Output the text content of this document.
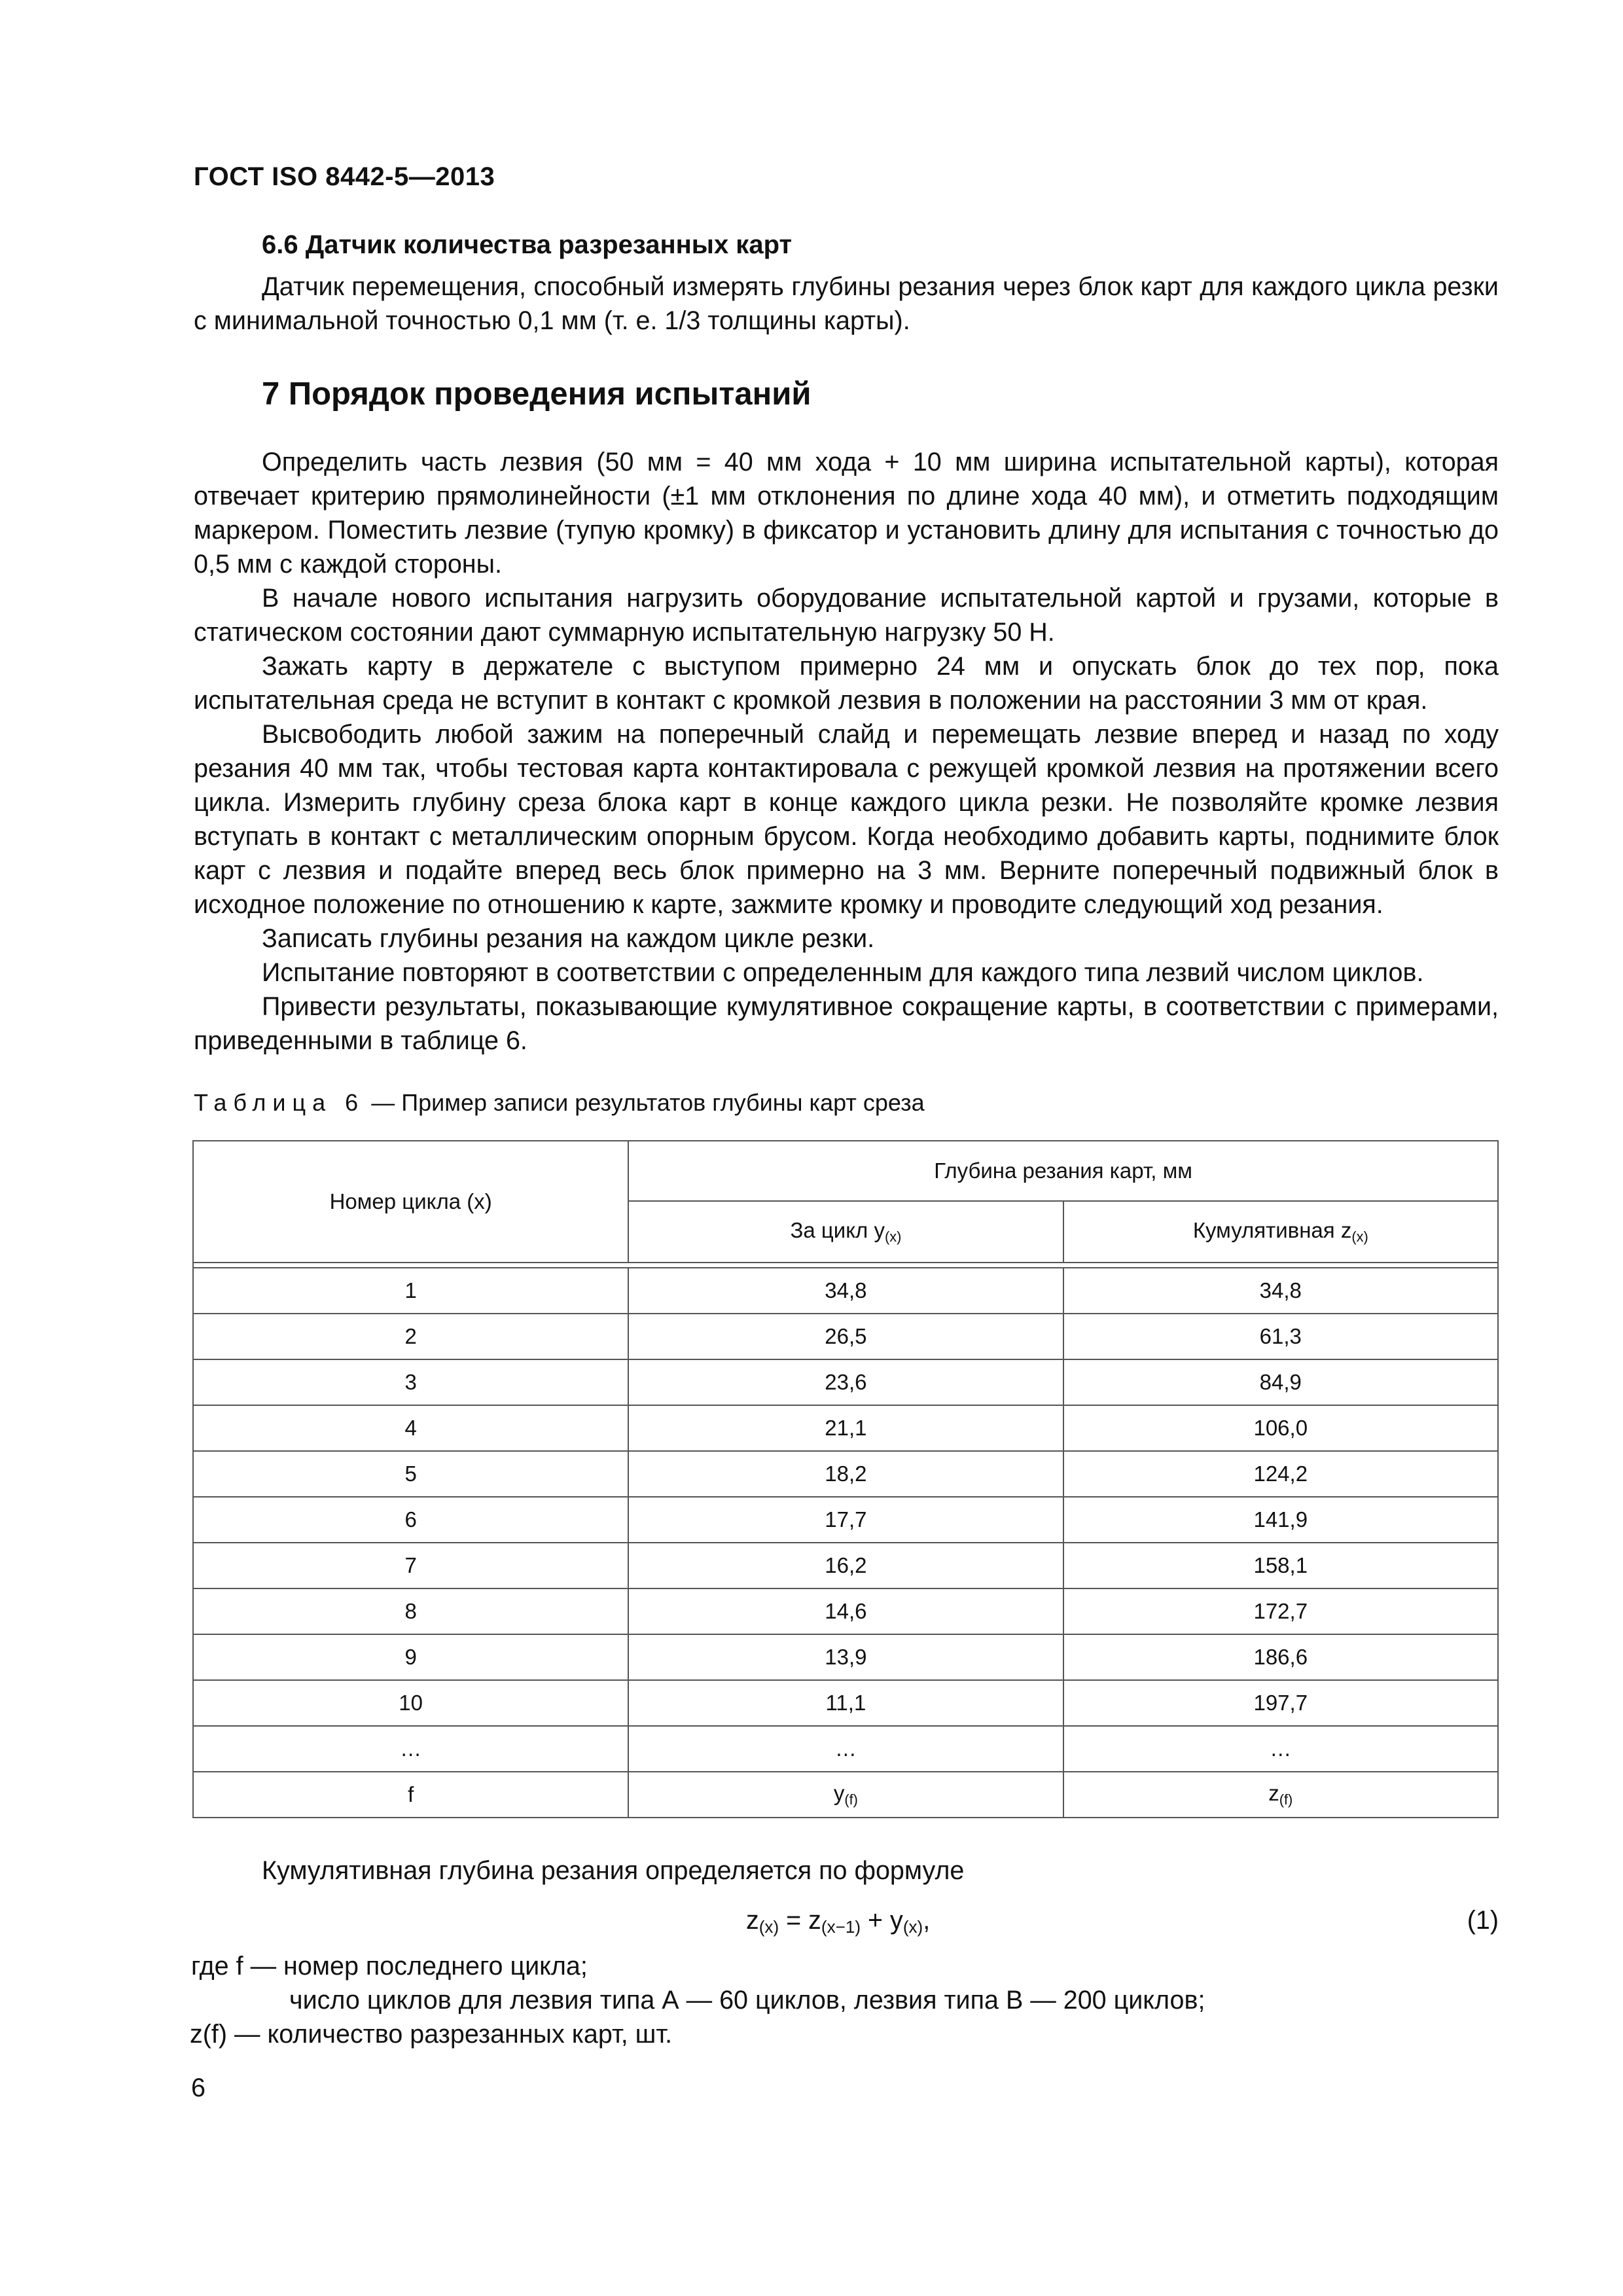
ГОСТ ISO 8442-5—2013
6.6 Датчик количества разрезанных карт

Датчик перемещения, способный измерять глубины резания через блок карт для каждого цикла резки с минимальной точностью 0,1 мм (т. е. 1/3 толщины карты).

7 Порядок проведения испытаний

Определить часть лезвия (50 мм = 40 мм хода + 10 мм ширина испытательной карты), которая отвечает критерию прямолинейности (±1 мм отклонения по длине хода 40 мм), и отметить подходящим маркером. Поместить лезвие (тупую кромку) в фиксатор и установить длину для испытания с точностью до 0,5 мм с каждой стороны.

В начале нового испытания нагрузить оборудование испытательной картой и грузами, которые в статическом состоянии дают суммарную испытательную нагрузку 50 Н.

Зажать карту в держателе с выступом примерно 24 мм и опускать блок до тех пор, пока испытательная среда не вступит в контакт с кромкой лезвия в положении на расстоянии 3 мм от края.

Высвободить любой зажим на поперечный слайд и перемещать лезвие вперед и назад по ходу резания 40 мм так, чтобы тестовая карта контактировала с режущей кромкой лезвия на протяжении всего цикла. Измерить глубину среза блока карт в конце каждого цикла резки. Не позволяйте кромке лезвия вступать в контакт с металлическим опорным брусом. Когда необходимо добавить карты, поднимите блок карт с лезвия и подайте вперед весь блок примерно на 3 мм. Верните поперечный подвижный блок в исходное положение по отношению к карте, зажмите кромку и проводите следующий ход резания.

Записать глубины резания на каждом цикле резки.

Испытание повторяют в соответствии с определенным для каждого типа лезвий числом циклов.

Привести результаты, показывающие кумулятивное сокращение карты, в соответствии с примерами, приведенными в таблице 6.

Таблица 6 — Пример записи результатов глубины карт среза
Номер цикла (x)	Глубина резания карт, мм	
	За цикл $y_{(x)}$	Кумулятивная $z_{(x)}$

1	34,8	34,8
2	26,5	61,3
3	23,6	84,9
4	21,1	106,0
5	18,2	124,2
6	17,7	141,9
7	16,2	158,1
8	14,6	172,7
9	13,9	186,6
10	11,1	197,7
…	…	…
f	$y_{(f)}$	$z_{(f)}$
Кумулятивная глубина резания определяется по формуле
$z_{(x)} = z_{(x-1)} + y_{(x)}$,	(1)
где f — номер последнего цикла;
число циклов для лезвия типа А — 60 циклов, лезвия типа В — 200 циклов;
z(f) — количество разрезанных карт, шт.
6
